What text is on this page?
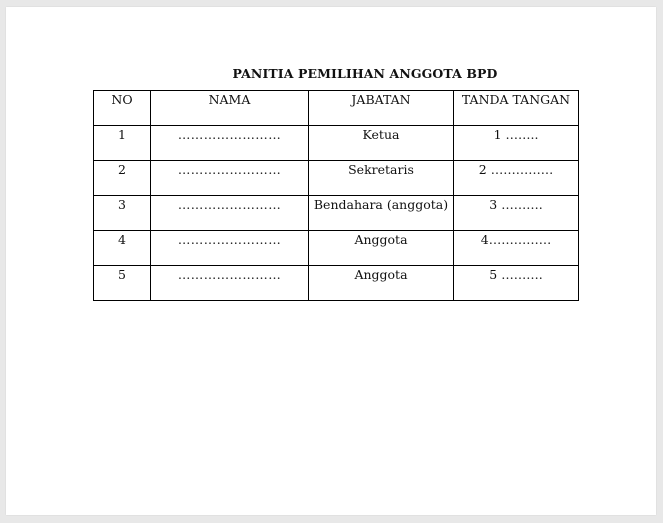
PANITIA PEMILIHAN ANGGOTA BPD
NO	NAMA	JABATAN	TANDA TANGAN
1	……………………	Ketua	1 ……..
2	……………………	Sekretaris	2 ……………
3	……………………	Bendahara (anggota)	3 ……….
4	……………………	Anggota	4……………
5	……………………	Anggota	5 ……….
